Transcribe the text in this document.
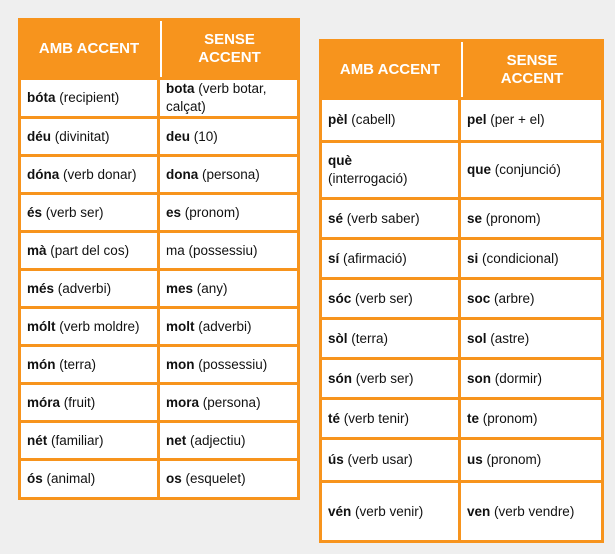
AMB ACCENT	SENSE
ACCENT
bóta (recipient)	bota (verb botar, calçat)
déu (divinitat)	deu (10)
dóna (verb donar)	dona (persona)
és (verb ser)	es (pronom)
mà (part del cos)	ma (possessiu)
més (adverbi)	mes (any)
mólt (verb moldre)	molt (adverbi)
món (terra)	mon (possessiu)
móra (fruit)	mora (persona)
nét (familiar)	net (adjectiu)
ós (animal)	os (esquelet)
AMB ACCENT	SENSE
ACCENT
pèl (cabell)	pel (per + el)
què
(interrogació)	que (conjunció)
sé (verb saber)	se (pronom)
sí (afirmació)	si (condicional)
sóc (verb ser)	soc (arbre)
sòl (terra)	sol (astre)
són (verb ser)	son (dormir)
té (verb tenir)	te (pronom)
ús (verb usar)	us (pronom)
vén (verb venir)	ven (verb vendre)
